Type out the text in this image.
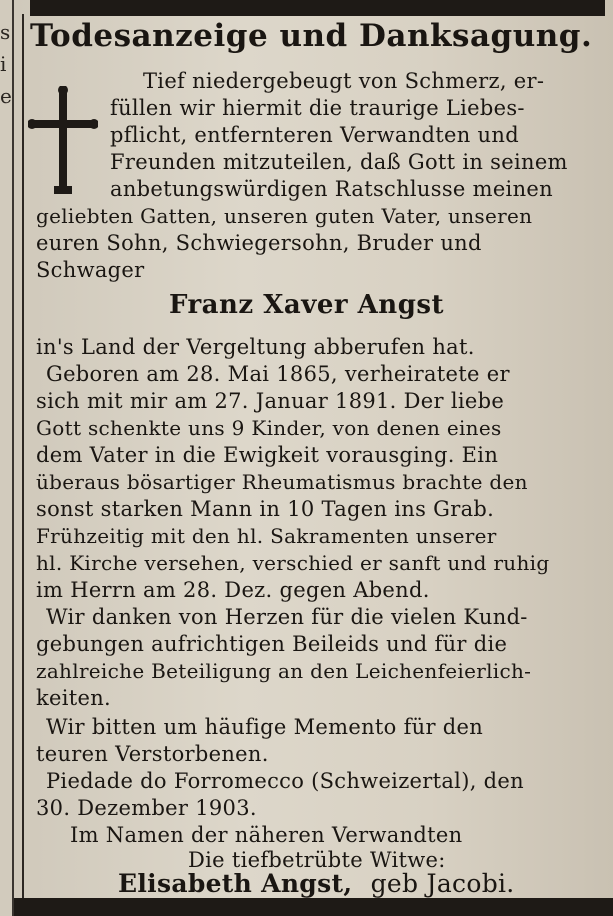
s
i
e
Todesanzeige und Danksagung.
Tief niedergebeugt von Schmerz, er-
füllen wir hiermit die traurige Liebes-
pflicht, entfernteren Verwandten und
Freunden mitzuteilen, daß Gott in seinem
anbetungswürdigen Ratschlusse meinen
geliebten Gatten, unseren guten Vater, unseren
euren Sohn, Schwiegersohn, Bruder und
Schwager
Franz Xaver Angst
in's Land der Vergeltung abberufen hat.
Geboren am 28. Mai 1865, verheiratete er
sich mit mir am 27. Januar 1891. Der liebe
Gott schenkte uns 9 Kinder, von denen eines
dem Vater in die Ewigkeit vorausging. Ein
überaus bösartiger Rheumatismus brachte den
sonst starken Mann in 10 Tagen ins Grab.
Frühzeitig mit den hl. Sakramenten unserer
hl. Kirche versehen, verschied er sanft und ruhig
im Herrn am 28. Dez. gegen Abend.
Wir danken von Herzen für die vielen Kund-
gebungen aufrichtigen Beileids und für die
zahlreiche Beteiligung an den Leichenfeierlich-
keiten.
Wir bitten um häufige Memento für den
teuren Verstorbenen.
Piedade do Forromecco (Schweizertal), den
30. Dezember 1903.
Im Namen der näheren Verwandten
Die tiefbetrübte Witwe:
Elisabeth Angst, geb Jacobi.
